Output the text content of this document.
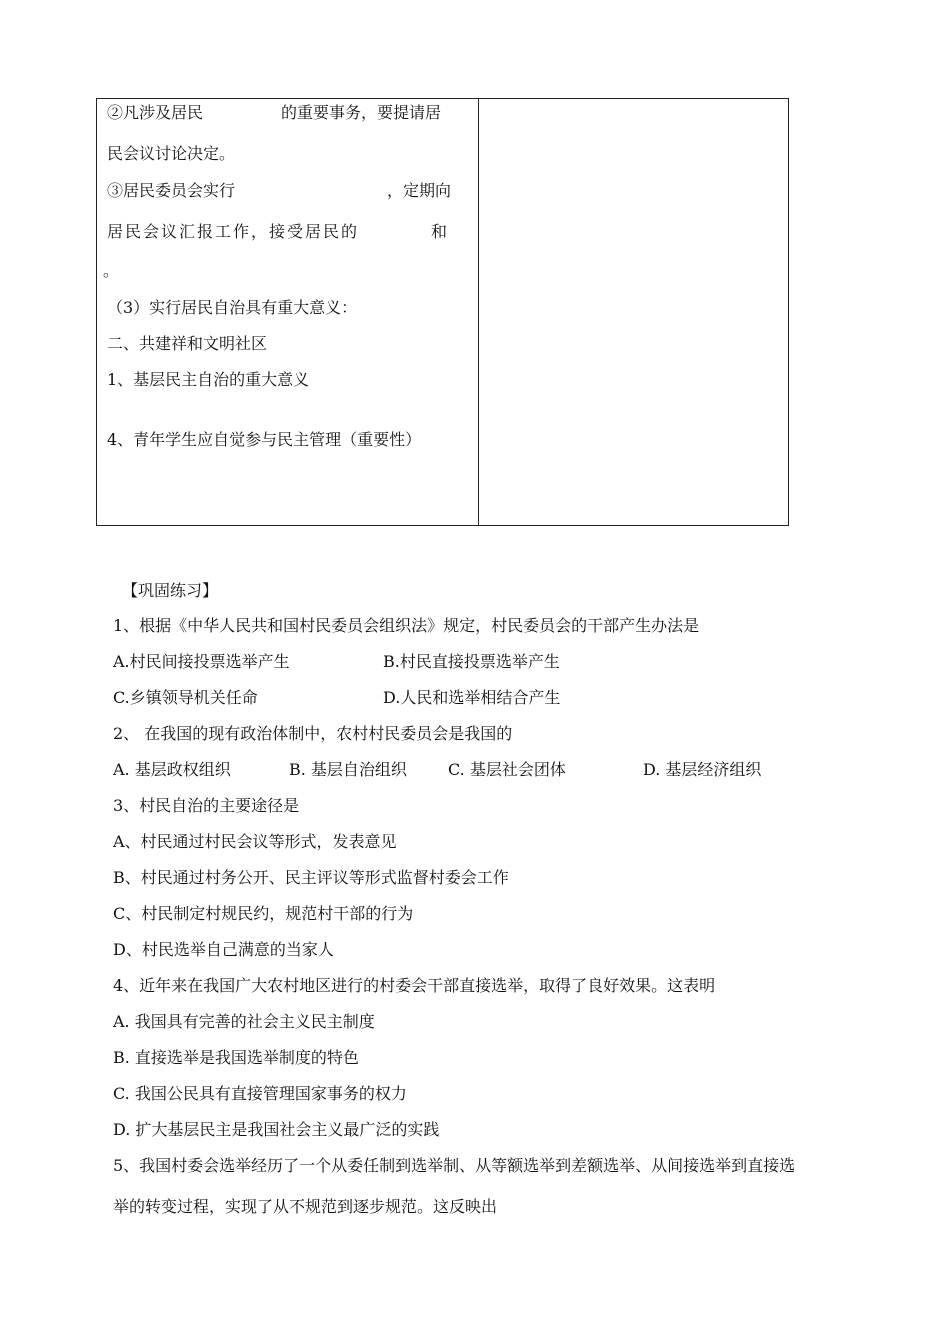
②凡涉及居民	的重要事务，要提请居
民会议讨论决定。
③居民委员会实行	，定期向
居民会议汇报工作，接受居民的	和
。
（3）实行居民自治具有重大意义：
二、共建祥和文明社区
1、基层民主自治的重大意义
4、青年学生应自觉参与民主管理（重要性）
【巩固练习】
1、根据《中华人民共和国村民委员会组织法》规定，村民委员会的干部产生办法是
A.村民间接投票选举产生	B.村民直接投票选举产生
C.乡镇领导机关任命	D.人民和选举相结合产生
2、 在我国的现有政治体制中，农村村民委员会是我国的
A. 基层政权组织	B. 基层自治组织	C. 基层社会团体	D. 基层经济组织
3、村民自治的主要途径是
A、村民通过村民会议等形式，发表意见
B、村民通过村务公开、民主评议等形式监督村委会工作
C、村民制定村规民约，规范村干部的行为
D、村民选举自己满意的当家人
4、近年来在我国广大农村地区进行的村委会干部直接选举，取得了良好效果。这表明
A. 我国具有完善的社会主义民主制度
B. 直接选举是我国选举制度的特色
C. 我国公民具有直接管理国家事务的权力
D. 扩大基层民主是我国社会主义最广泛的实践
5、我国村委会选举经历了一个从委任制到选举制、从等额选举到差额选举、从间接选举到直接选
举的转变过程，实现了从不规范到逐步规范。这反映出
